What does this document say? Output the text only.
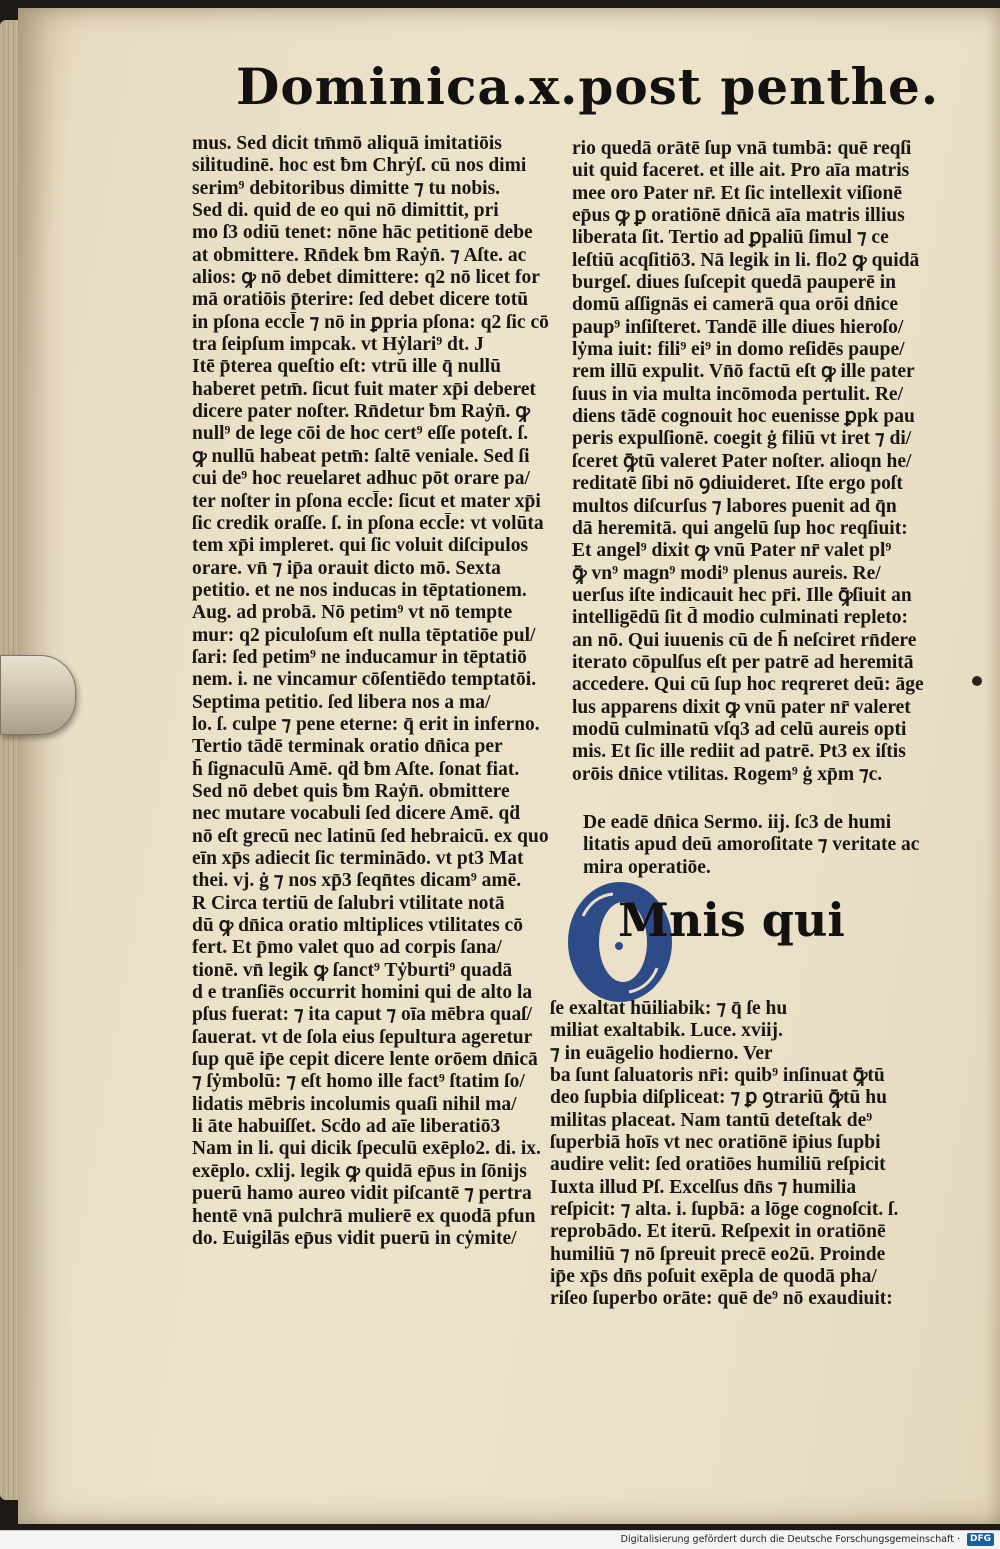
Dominica.x.post penthe.
mus. Sed dicit tm̄mō aliquā imitatiōis
siĺitudinē. hoc est ƀm Chrẏſ. cū nos dimi
serim⁹ debitoribus dimitte ⁊ tu nobis.
Sed di. quid de eo qui nō dimittit, pri
mo ſ3 odiū tenet: nōne hāc petitionē debe
at obmittere. Rn̄dek ƀm Raẏn̄. ⁊ Aſte. ac
alios: ꝙ nō debet dimittere: q2 nō licet for
mā oratiōis p̄terire: ſed debet dicere totū
in pſona eccl̄e ⁊ nō in ꝑpria pſona: q2 ſic cō
tra ſeipſum impcak. vt Hẏlari⁹ dt. J
Itē p̄terea queſtio eſt: vtrū ille q̄ nullū
haberet petm̄. ſicut fuit mater xp̄i deberet
dicere pater noſter. Rn̄detur ƀm Raẏn̄. ꝙ
null⁹ de lege cōi de hoc cert⁹ eſſe poteſt. ſ.
ꝙ nullū habeat petm̄: ſaltē veniale. Sed ſi
cui de⁹ hoc reuelaret adhuc pōt orare pa/
ter noſter in pſona eccl̄e: ſicut et mater xp̄i
ſic credik oraſſe. ſ. in pſona eccl̄e: vt volūta
tem xp̄i impleret. qui ſic voluit diſcipulos
orare. vn̄ ⁊ ip̄a orauit dicto mō. Sexta
petitio. et ne nos inducas in tēptationem.
Aug. ad probā. Nō petim⁹ vt nō tempte
mur: q2 piculoſum eſt nulla tēptatiōe pul/
ſari: ſed petim⁹ ne inducamur in tēptatiō
nem. i. ne vincamur cōſentiēdo temptatōi.
Septima petitio. ſed libera nos a ma/
lo. ſ. culpe ⁊ pene eterne: q̄ erit in inferno.
Tertio tādē terminak oratio dn̄ica per
h̄ ſignaculū Amē. qḋ ƀm Aſte. ſonat fiat.
Sed nō debet quis ƀm Raẏn̄. obmittere
nec mutare vocabuli ſed dicere Amē. qḋ
nō eſt grecū nec latinū ſed hebraicū. ex quo
eīn xp̄s adiecit ſic terminādo. vt pt3 Mat
thei. vj. ġ ⁊ nos xp̄3 ſeqn̄tes dicam⁹ amē.
R Circa tertiū de ſalubri vtilitate notā
dū ꝙ dn̄ica oratio mltiplices vtilitates cō
fert. Et p̄mo valet quo ad corpis ſana/
tionē. vn̄ legik ꝙ ſanct⁹ Tẏburti⁹ quadā
d e tranſiēs occurrit homini qui de alto la
pſus fuerat: ⁊ ita caput ⁊ oīa mēbra quaſ/
ſauerat. vt de ſola eius ſepultura ageretur
ſup quē ip̄e cepit dicere lente orōem dn̄icā
⁊ ſẏmbolū: ⁊ eſt homo ille fact⁹ ſtatim ſo/
lidatis mēbris incolumis quaſi nihil ma/
li āte habuiſſet. Scḋo ad aīe liberatiō3
Nam in li. qui dicik ſpeculū exēplo2. di. ix.
exēplo. cxlij. legik ꝙ quidā ep̄us in ſōnijs
puerū hamo aureo vidit piſcantē ⁊ pertra
hentē vnā pulchrā mulierē ex quodā pfun
do. Euigilās ep̄us vidit puerū in cẏmite/
rio quedā orātē ſup vnā tumbā: quē reqſi
uit quid faceret. et ille ait. Pro aīa matris
mee oro Pater nr̄. Et ſic intellexit viſionē
ep̄us ꝙ ꝑ oratiōnē dn̄icā aīa matris illius
liberata ſit. Tertio ad ꝑpaliū ſimul ⁊ ce
leſtiū acqſitiō3. Nā legik in li. flo2 ꝙ quidā
burgeſ. diues ſuſcepit quedā pauperē in
domū aſſignās ei camerā qua orōi dn̄ice
paup⁹ inſiſteret. Tandē ille diues hieroſo/
lẏma iuit: fili⁹ ei⁹ in domo reſidēs paupe/
rem illū expulit. Vn̄ō factū eſt ꝙ ille pater
ſuus in via multa incōmoda pertulit. Re/
diens tādē cognouit hoc euenisse ꝑpk pau
peris expulſionē. coegit ġ filiū vt iret ⁊ di/
ſceret ꝙ̄tū valeret Pater noſter. alioqn he/
reditatē ſibi nō ꝯdiuideret. Iſte ergo poſt
multos diſcurſus ⁊ labores puenit ad q̄n
dā heremitā. qui angelū ſup hoc reqſiuit:
Et angel⁹ dixit ꝙ vnū Pater nr̄ valet pl⁹
ꝙ̄ vn⁹ magn⁹ modi⁹ plenus aureis. Re/
uerſus iſte indicauit hec pr̄i. Ille ꝙ̄ſiuit an
intelligēdū ſit d̄ modio culminati repleto:
an nō. Qui iuuenis cū de h̄ neſciret rn̄dere
iterato cōpulſus eſt per patrē ad heremitā
accedere. Qui cū ſup hoc reqreret deū: āge
lus apparens dixit ꝙ vnū pater nr̄ valeret
modū culminatū vſq3 ad celū aureis opti
mis. Et ſic ille rediit ad patrē. Pt3 ex iſtis
orōis dn̄ice vtilitas. Rogem⁹ ġ xp̄m ⁊c.
De eadē dn̄ica Sermo. iij. ſc3 de humi
litatis apud deū amoroſitate ⁊ veritate ac
mira operatiōe.
Mnis qui
ſe exaltat hūiliabik: ⁊ q̄ ſe hu
miliat exaltabik. Luce. xviij.
⁊ in euāgelio hodierno. Ver
ba ſunt ſaluatoris nr̄i: quib⁹ inſinuat ꝙ̄tū
deo ſupbia diſpliceat: ⁊ ꝑ ꝯtrariū ꝙ̄tū hu
militas placeat. Nam tantū deteſtak de⁹
ſuperbiā hoīs vt nec oratiōnē ip̄ius ſupbi
audire velit: ſed oratiōes humiliū reſpicit
Iuxta illud Pſ. Excelſus dn̄s ⁊ humilia
reſpicit: ⁊ alta. i. ſupbā: a lōge cognoſcit. ſ.
reprobādo. Et iterū. Reſpexit in oratiōnē
humiliū ⁊ nō ſpreuit precē eo2ū. Proinde
ip̄e xp̄s dn̄s poſuit exēpla de quodā pha/
riſeo ſuperbo orāte: quē de⁹ nō exaudiuit:
Digitalisierung gefördert durch die Deutsche Forschungsgemeinschaft ·	DFG
